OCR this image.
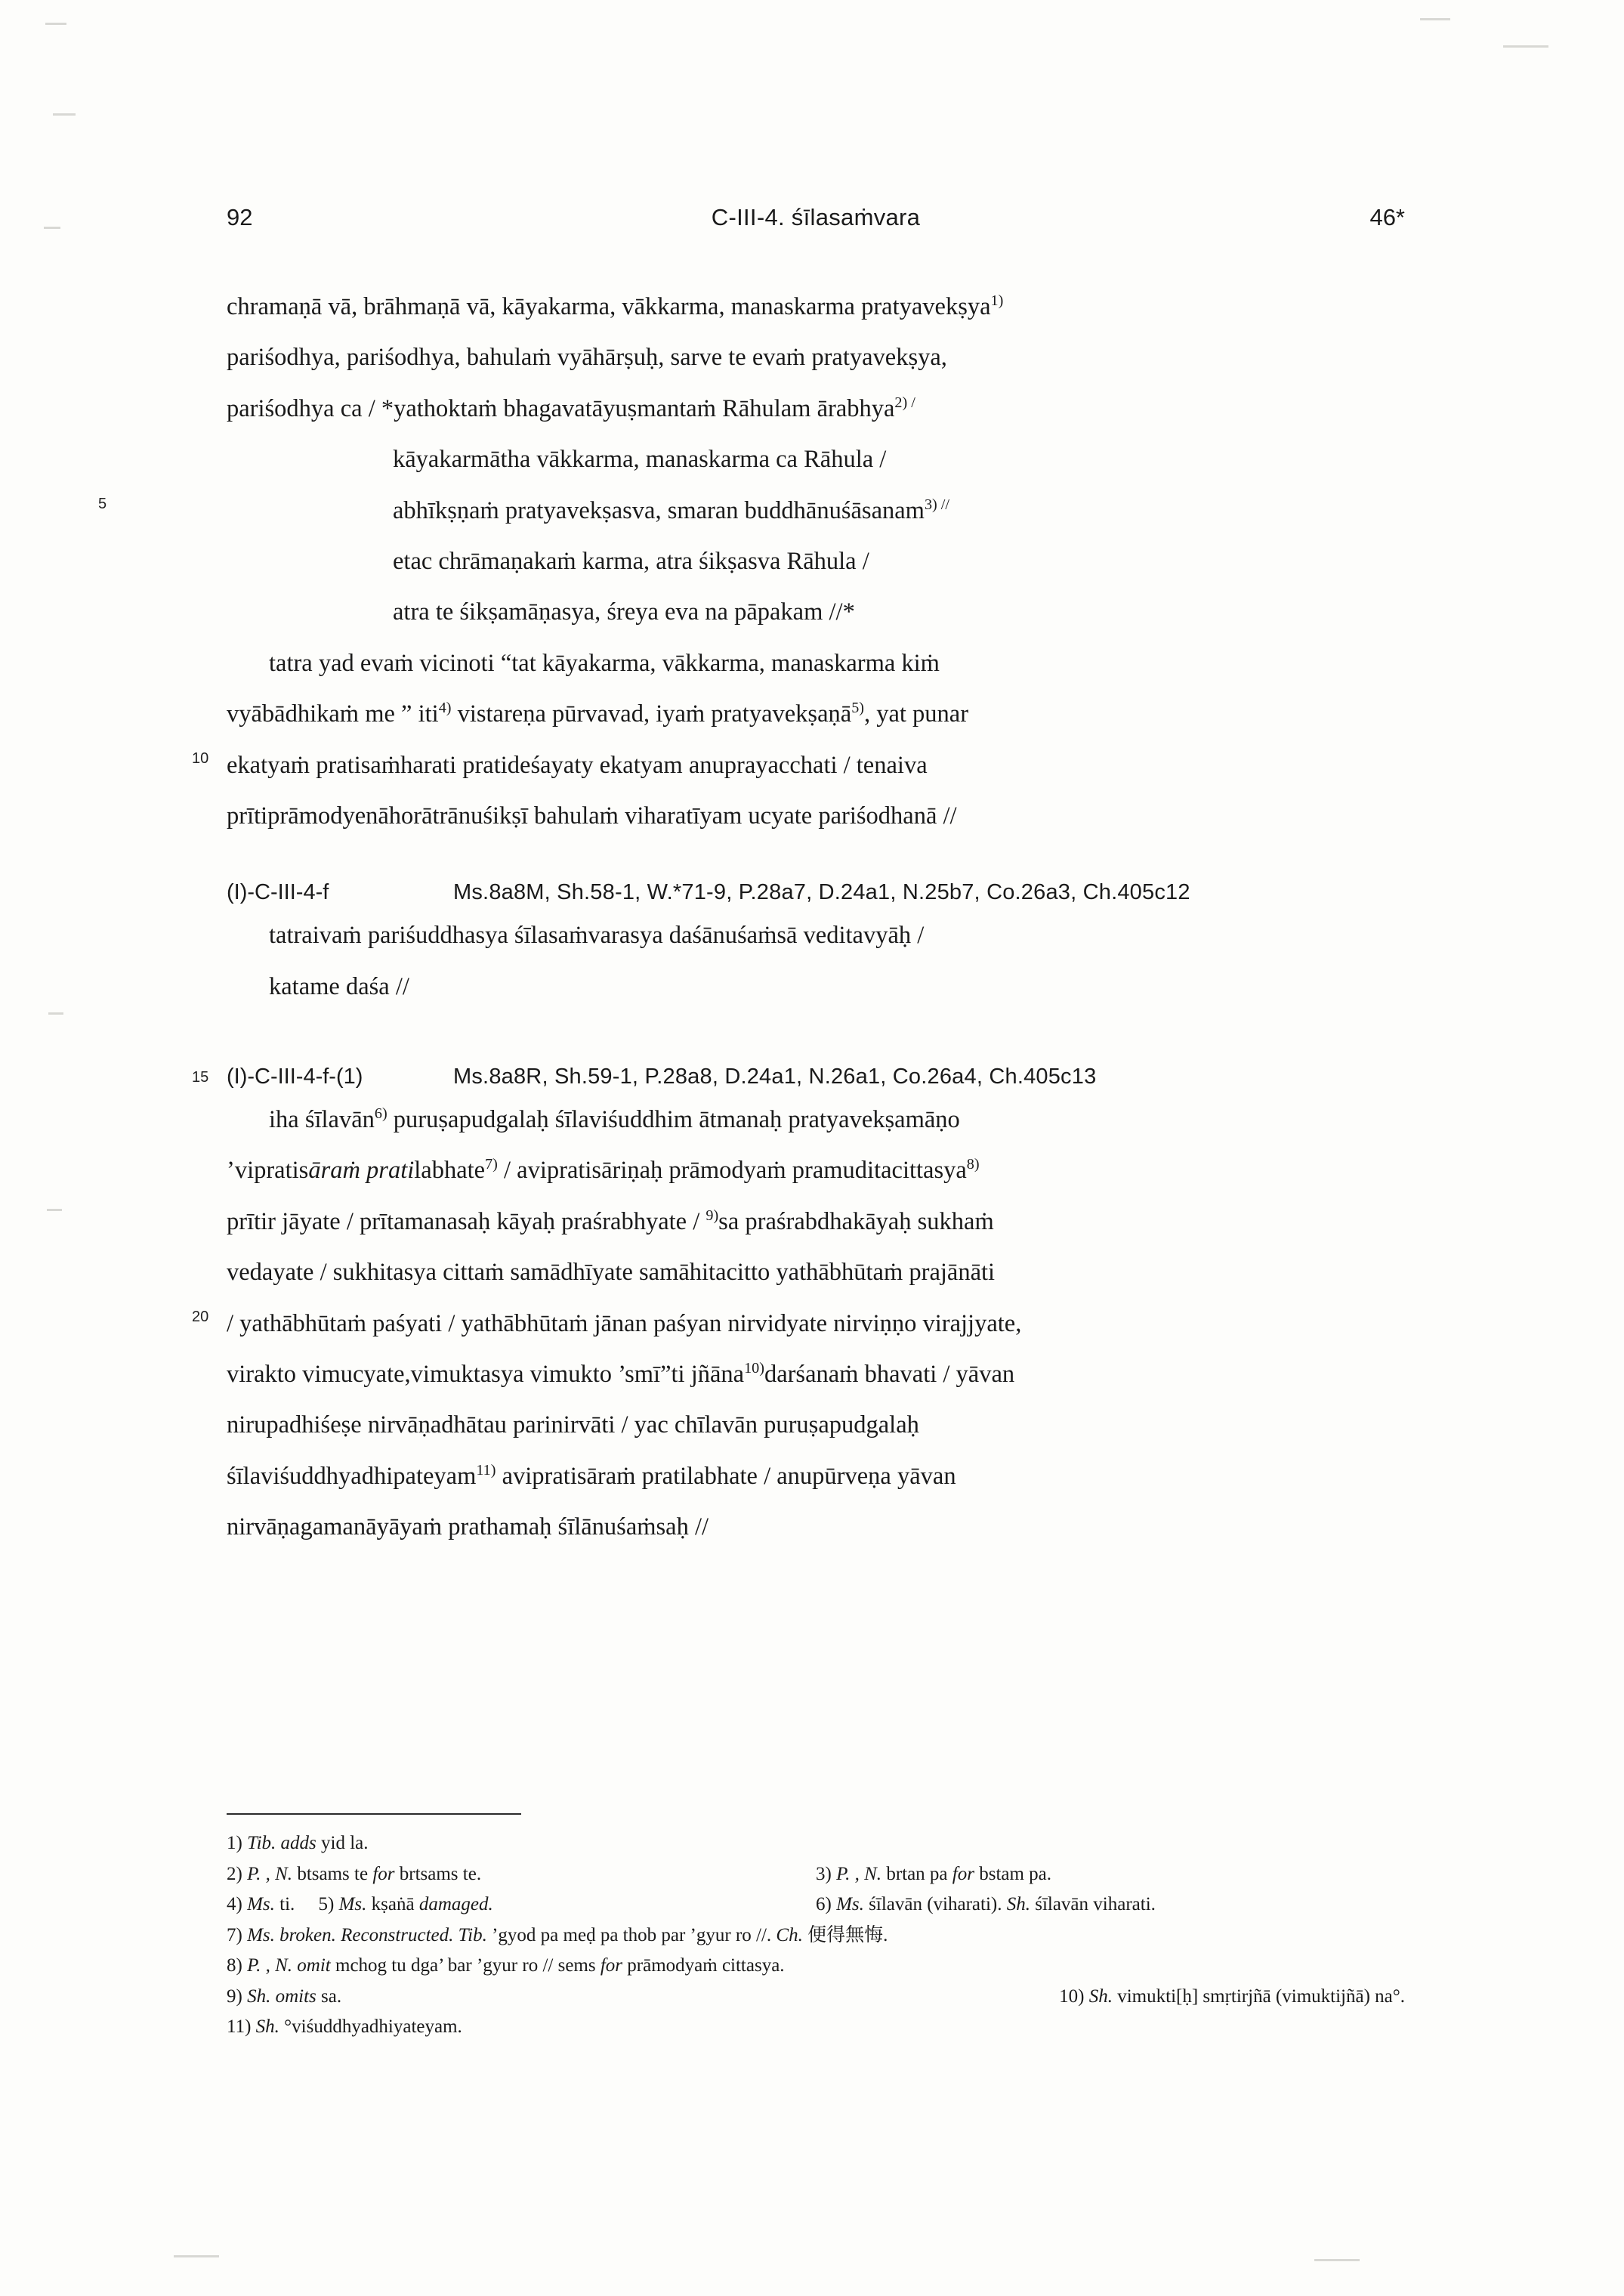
92	C-III-4. śīlasaṁvara	46*

chramaṇā vā, brāhmaṇā vā, kāyakarma, vākkarma, manaskarma pratyavekṣya$^{1)}$

pariśodhya, pariśodhya, bahulaṁ vyāhārṣuḥ, sarve te evaṁ pratyavekṣya,

pariśodhya ca / *yathoktaṁ bhagavatāyuṣmantaṁ Rāhulam ārabhya$^{2) /}$

kāyakarmātha vākkarma, manaskarma ca Rāhula /

5	abhīkṣṇaṁ pratyavekṣasva, smaran buddhānuśāsanam$^{3) //}$

etac chrāmaṇakaṁ karma, atra śikṣasva Rāhula /

atra te śikṣamāṇasya, śreya eva na pāpakam //*

tatra yad evaṁ vicinoti “tat kāyakarma, vākkarma, manaskarma kiṁ

vyābādhikaṁ me ” iti$^{4)}$ vistareṇa pūrvavad, iyaṁ pratyavekṣaṇā$^{5)}$, yat punar

10 ekatyaṁ pratisaṁharati pratideśayaty ekatyam anuprayacchati / tenaiva

prītiprāmodyenāhorātrānuśikṣī bahulaṁ viharatīyam ucyate pariśodhanā //

(I)-C-III-4-f	Ms.8a8M, Sh.58-1, W.*71-9, P.28a7, D.24a1, N.25b7, Co.26a3, Ch.405c12

tatraivaṁ pariśuddhasya śīlasaṁvarasya daśānuśaṁsā veditavyāḥ /

katame daśa //

15 (I)-C-III-4-f-(1)	Ms.8a8R, Sh.59-1, P.28a8, D.24a1, N.26a1, Co.26a4, Ch.405c13

iha śīlavān$^{6)}$ puruṣapudgalaḥ śīlaviśuddhim ātmanaḥ pratyavekṣamāṇo

’vipratisāraṁ pratilabhate$^{7)}$ / avipratisāriṇaḥ prāmodyaṁ pramuditacittasya$^{8)}$

prītir jāyate / prītamanasaḥ kāyaḥ praśrabhyate / $^{9)}$sa praśrabdhakāyaḥ sukhaṁ

vedayate / sukhitasya cittaṁ samādhīyate samāhitacitto yathābhūtaṁ prajānāti

20 / yathābhūtaṁ paśyati / yathābhūtaṁ jānan paśyan nirvidyate nirviṇṇo virajjyate,

virakto vimucyate,vimuktasya vimukto ’smī”ti jñāna$^{10)}$darśanaṁ bhavati / yāvan

nirupadhiśeṣe nirvāṇadhātau parinirvāti / yac chīlavān puruṣapudgalaḥ

śīlaviśuddhyadhipateyam$^{11)}$ avipratisāraṁ pratilabhate / anupūrveṇa yāvan

nirvāṇagamanāyāyaṁ prathamaḥ śīlānuśaṁsaḥ //

1) Tib. adds yid la.
2) P. , N. btsams te for brtsams te.	3) P. , N. brtan pa for bstam pa.
4) Ms. ti.     5) Ms. kṣaṅā damaged.	6) Ms. śīlavān (viharati). Sh. śīlavān viharati.
7) Ms. broken. Reconstructed. Tib. ’gyod pa meḍ pa thob par ’gyur ro //. Ch. 便得無悔.
8) P. , N. omit mchog tu dga’ bar ’gyur ro // sems for prāmodyaṁ cittasya.
9) Sh. omits sa.	10) Sh. vimukti[ḥ] smṛtirjñā (vimuktijñā) na°.
11) Sh. °viśuddhyadhiyateyam.
